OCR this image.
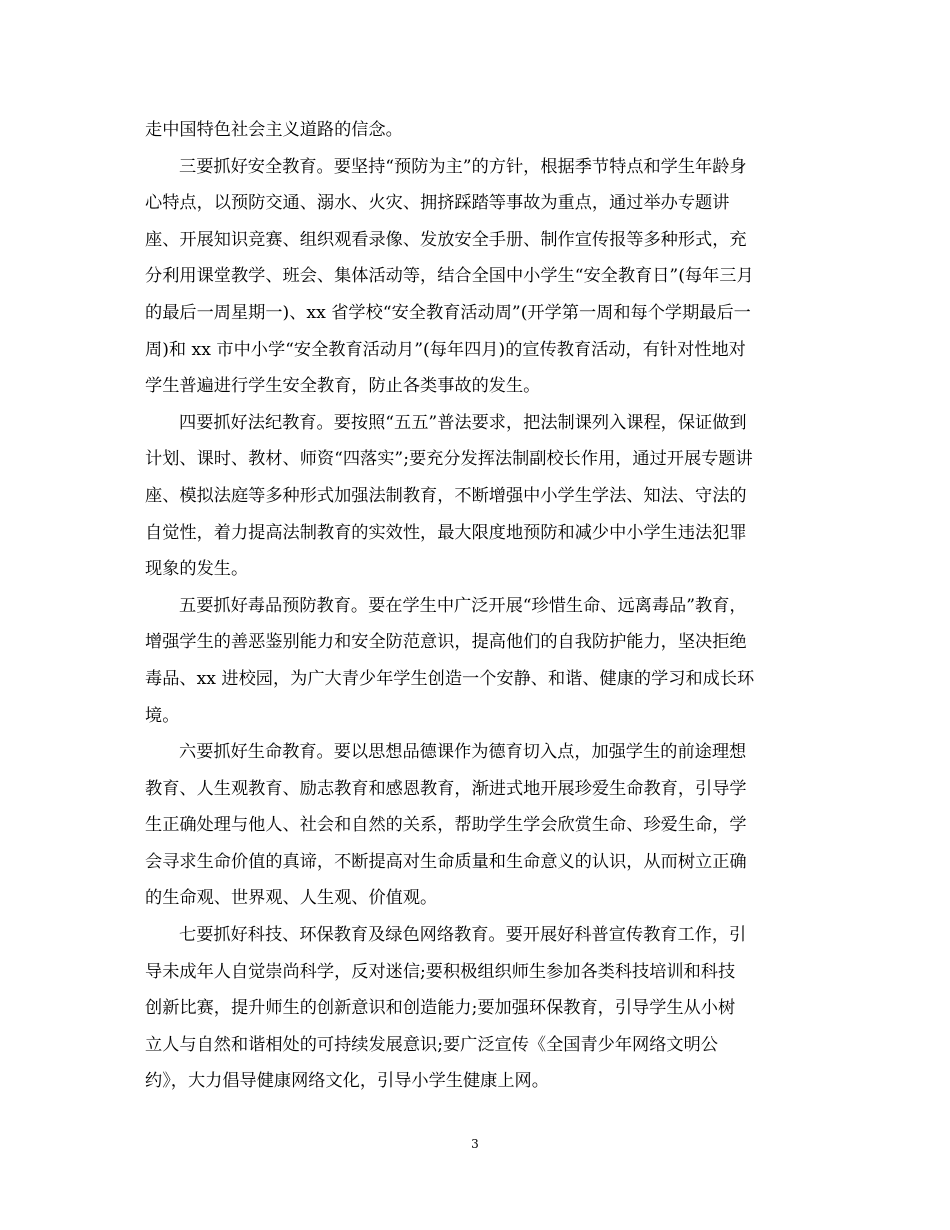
走中国特色社会主义道路的信念。

三要抓好安全教育。要坚持“预防为主”的方针，根据季节特点和学生年龄身
心特点，以预防交通、溺水、火灾、拥挤踩踏等事故为重点，通过举办专题讲
座、开展知识竞赛、组织观看录像、发放安全手册、制作宣传报等多种形式，充
分利用课堂教学、班会、集体活动等，结合全国中小学生“安全教育日”(每年三月
的最后一周星期一)、xx 省学校“安全教育活动周”(开学第一周和每个学期最后一
周)和 xx 市中小学“安全教育活动月”(每年四月)的宣传教育活动，有针对性地对
学生普遍进行学生安全教育，防止各类事故的发生。

四要抓好法纪教育。要按照“五五”普法要求，把法制课列入课程，保证做到
计划、课时、教材、师资“四落实”;要充分发挥法制副校长作用，通过开展专题讲
座、模拟法庭等多种形式加强法制教育，不断增强中小学生学法、知法、守法的
自觉性，着力提高法制教育的实效性，最大限度地预防和减少中小学生违法犯罪
现象的发生。

五要抓好毒品预防教育。要在学生中广泛开展“珍惜生命、远离毒品”教育，
增强学生的善恶鉴别能力和安全防范意识，提高他们的自我防护能力，坚决拒绝
毒品、xx 进校园，为广大青少年学生创造一个安静、和谐、健康的学习和成长环
境。

六要抓好生命教育。要以思想品德课作为德育切入点，加强学生的前途理想
教育、人生观教育、励志教育和感恩教育，渐进式地开展珍爱生命教育，引导学
生正确处理与他人、社会和自然的关系，帮助学生学会欣赏生命、珍爱生命，学
会寻求生命价值的真谛，不断提高对生命质量和生命意义的认识，从而树立正确
的生命观、世界观、人生观、价值观。

七要抓好科技、环保教育及绿色网络教育。要开展好科普宣传教育工作，引
导未成年人自觉崇尚科学，反对迷信;要积极组织师生参加各类科技培训和科技
创新比赛，提升师生的创新意识和创造能力;要加强环保教育，引导学生从小树
立人与自然和谐相处的可持续发展意识;要广泛宣传《全国青少年网络文明公
约》，大力倡导健康网络文化，引导小学生健康上网。

3
